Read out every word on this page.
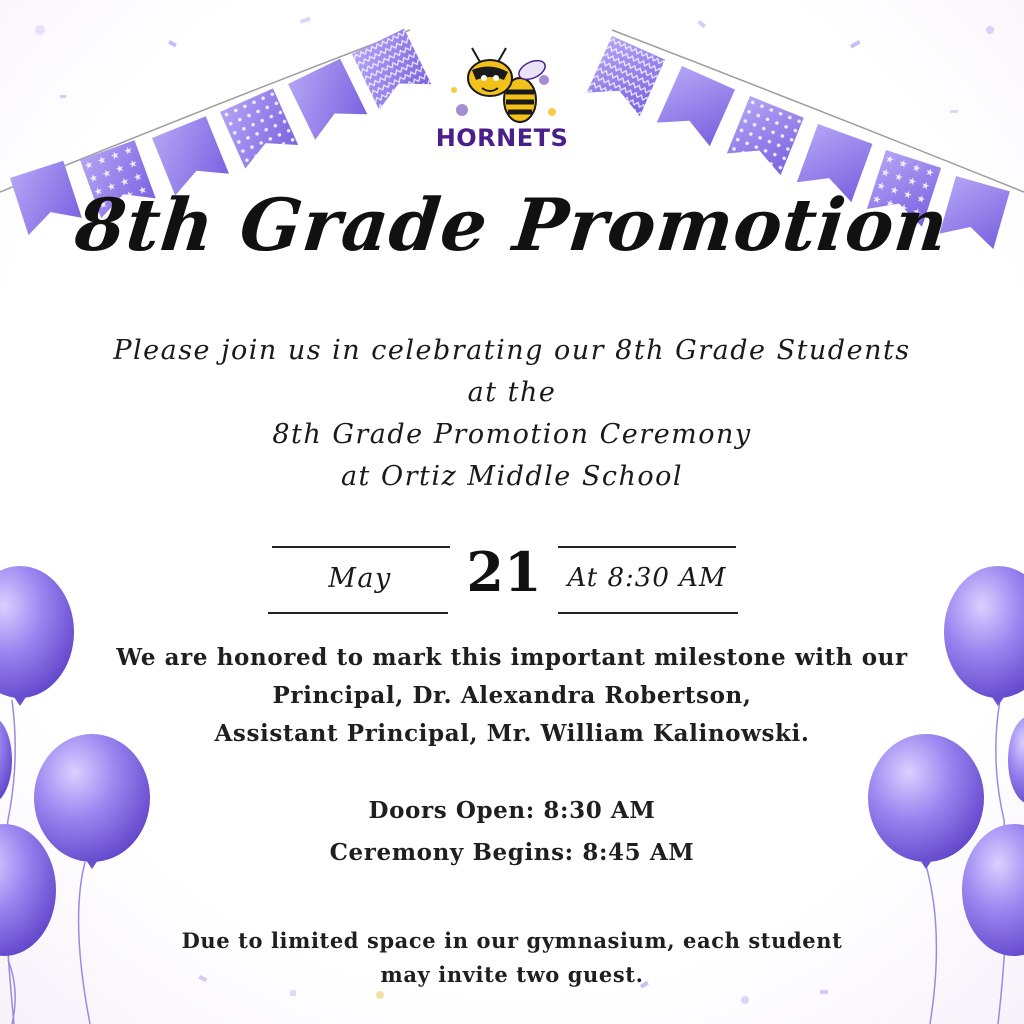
HORNETS
8th Grade Promotion
Please join us in celebrating our 8th Grade Students
at the
8th Grade Promotion Ceremony
at Ortiz Middle School
May	21 At 8:30 AM
We are honored to mark this important milestone with our
Principal, Dr. Alexandra Robertson,
Assistant Principal, Mr. William Kalinowski.
Doors Open: 8:30 AM
Ceremony Begins: 8:45 AM
Due to limited space in our gymnasium, each student
may invite two guest.
